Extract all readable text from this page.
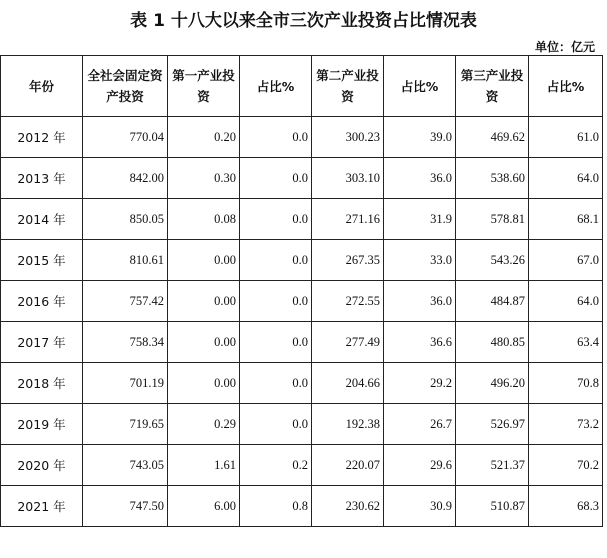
表 1 十八大以来全市三次产业投资占比情况表
单位：亿元
年份	全社会固定资产投资	第一产业投资	占比%	第二产业投资	占比%	第三产业投资	占比%
2012 年	770.04	0.20	0.0	300.23	39.0	469.62	61.0
2013 年	842.00	0.30	0.0	303.10	36.0	538.60	64.0
2014 年	850.05	0.08	0.0	271.16	31.9	578.81	68.1
2015 年	810.61	0.00	0.0	267.35	33.0	543.26	67.0
2016 年	757.42	0.00	0.0	272.55	36.0	484.87	64.0
2017 年	758.34	0.00	0.0	277.49	36.6	480.85	63.4
2018 年	701.19	0.00	0.0	204.66	29.2	496.20	70.8
2019 年	719.65	0.29	0.0	192.38	26.7	526.97	73.2
2020 年	743.05	1.61	0.2	220.07	29.6	521.37	70.2
2021 年	747.50	6.00	0.8	230.62	30.9	510.87	68.3
